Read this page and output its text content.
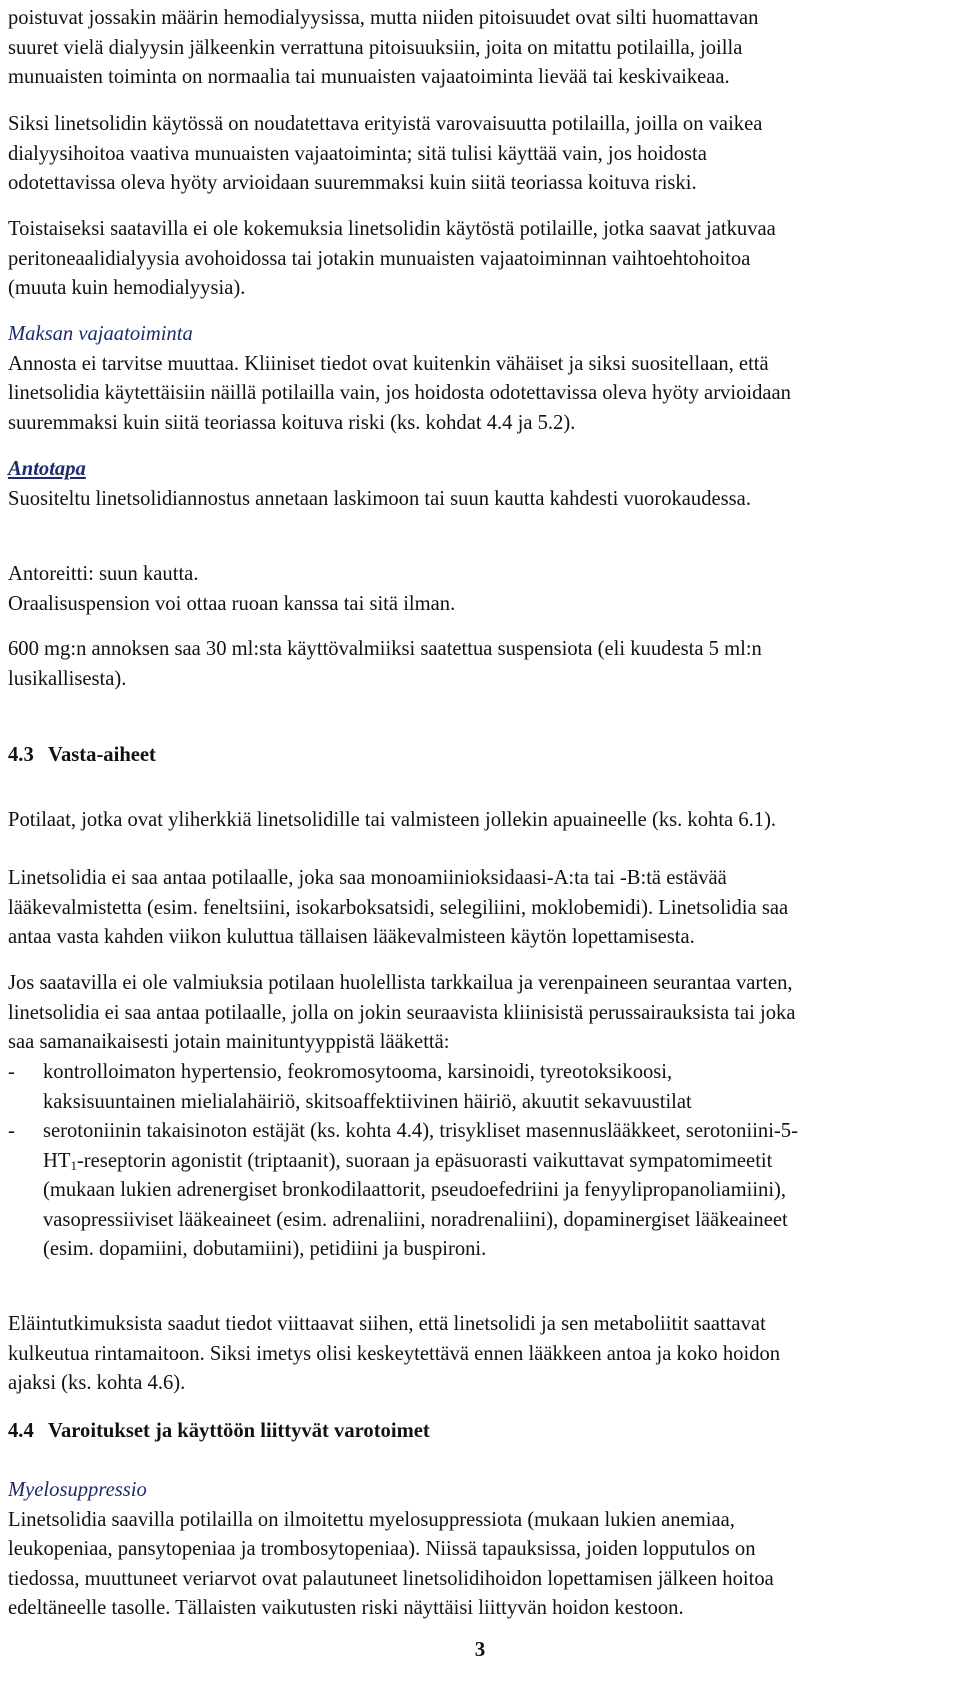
poistuvat jossakin määrin hemodialyysissa, mutta niiden pitoisuudet ovat silti huomattavan

suuret vielä dialyysin jälkeenkin verrattuna pitoisuuksiin, joita on mitattu potilailla, joilla

munuaisten toiminta on normaalia tai munuaisten vajaatoiminta lievää tai keskivaikeaa.

Siksi linetsolidin käytössä on noudatettava erityistä varovaisuutta potilailla, joilla on vaikea

dialyysihoitoa vaativa munuaisten vajaatoiminta; sitä tulisi käyttää vain, jos hoidosta

odotettavissa oleva hyöty arvioidaan suuremmaksi kuin siitä teoriassa koituva riski.

Toistaiseksi saatavilla ei ole kokemuksia linetsolidin käytöstä potilaille, jotka saavat jatkuvaa

peritoneaalidialyysia avohoidossa tai jotakin munuaisten vajaatoiminnan vaihtoehtohoitoa

(muuta kuin hemodialyysia).

Maksan vajaatoiminta

Annosta ei tarvitse muuttaa. Kliiniset tiedot ovat kuitenkin vähäiset ja siksi suositellaan, että

linetsolidia käytettäisiin näillä potilailla vain, jos hoidosta odotettavissa oleva hyöty arvioidaan

suuremmaksi kuin siitä teoriassa koituva riski (ks. kohdat 4.4 ja 5.2).

Antotapa

Suositeltu linetsolidiannostus annetaan laskimoon tai suun kautta kahdesti vuorokaudessa.

Antoreitti: suun kautta.

Oraalisuspension voi ottaa ruoan kanssa tai sitä ilman.

600 mg:n annoksen saa 30 ml:sta käyttövalmiiksi saatettua suspensiota (eli kuudesta 5 ml:n

lusikallisesta).

4.3 Vasta-aiheet

Potilaat, jotka ovat yliherkkiä linetsolidille tai valmisteen jollekin apuaineelle (ks. kohta 6.1).

Linetsolidia ei saa antaa potilaalle, joka saa monoamiinioksidaasi-A:ta tai -B:tä estävää

lääkevalmistetta (esim. feneltsiini, isokarboksatsidi, selegiliini, moklobemidi). Linetsolidia saa

antaa vasta kahden viikon kuluttua tällaisen lääkevalmisteen käytön lopettamisesta.

Jos saatavilla ei ole valmiuksia potilaan huolellista tarkkailua ja verenpaineen seurantaa varten,

linetsolidia ei saa antaa potilaalle, jolla on jokin seuraavista kliinisistä perussairauksista tai joka

saa samanaikaisesti jotain mainituntyyppistä lääkettä:

- kontrolloimaton hypertensio, feokromosytooma, karsinoidi, tyreotoksikoosi,

kaksisuuntainen mielialahäiriö, skitsoaffektiivinen häiriö, akuutit sekavuustilat

- serotoniinin takaisinoton estäjät (ks. kohta 4.4), trisykliset masennuslääkkeet, serotoniini-5-

$HT_1$-reseptorin agonistit (triptaanit), suoraan ja epäsuorasti vaikuttavat sympatomimeetit

(mukaan lukien adrenergiset bronkodilaattorit, pseudoefedriini ja fenyylipropanoliamiini),

vasopressiiviset lääkeaineet (esim. adrenaliini, noradrenaliini), dopaminergiset lääkeaineet

(esim. dopamiini, dobutamiini), petidiini ja buspironi.

Eläintutkimuksista saadut tiedot viittaavat siihen, että linetsolidi ja sen metaboliitit saattavat

kulkeutua rintamaitoon. Siksi imetys olisi keskeytettävä ennen lääkkeen antoa ja koko hoidon

ajaksi (ks. kohta 4.6).

4.4 Varoitukset ja käyttöön liittyvät varotoimet

Myelosuppressio

Linetsolidia saavilla potilailla on ilmoitettu myelosuppressiota (mukaan lukien anemiaa,

leukopeniaa, pansytopeniaa ja trombosytopeniaa). Niissä tapauksissa, joiden lopputulos on

tiedossa, muuttuneet veriarvot ovat palautuneet linetsolidihoidon lopettamisen jälkeen hoitoa

edeltäneelle tasolle. Tällaisten vaikutusten riski näyttäisi liittyvän hoidon kestoon.

3
